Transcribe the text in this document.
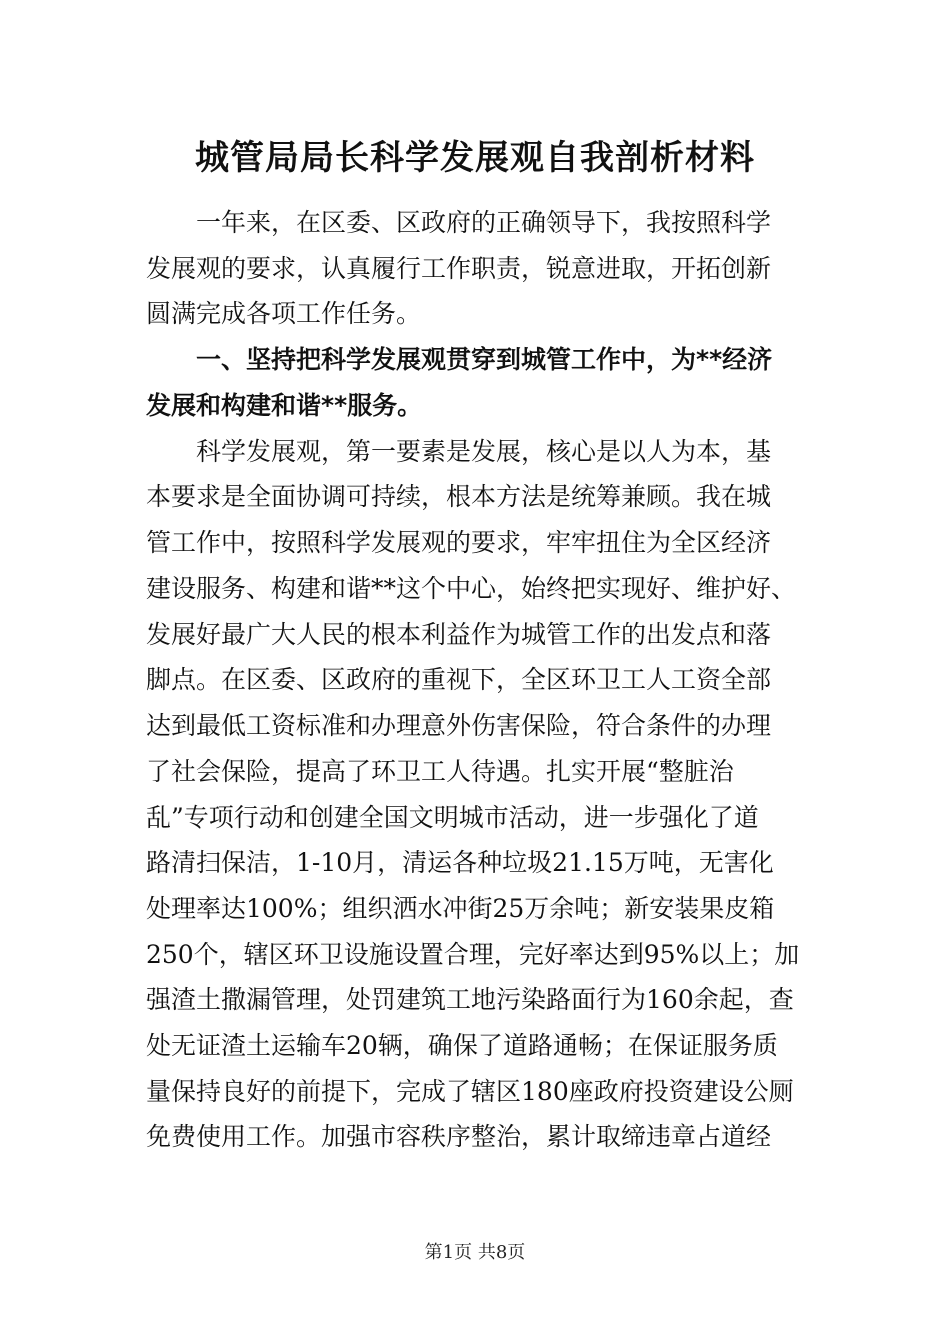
城管局局长科学发展观自我剖析材料
　　一年来，在区委、区政府的正确领导下，我按照科学
发展观的要求，认真履行工作职责，锐意进取，开拓创新
圆满完成各项工作任务。
　　一、坚持把科学发展观贯穿到城管工作中，为**经济
发展和构建和谐**服务。
　　科学发展观，第一要素是发展，核心是以人为本，基
本要求是全面协调可持续，根本方法是统筹兼顾。我在城
管工作中，按照科学发展观的要求，牢牢扭住为全区经济
建设服务、构建和谐**这个中心，始终把实现好、维护好、
发展好最广大人民的根本利益作为城管工作的出发点和落
脚点。在区委、区政府的重视下，全区环卫工人工资全部
达到最低工资标准和办理意外伤害保险，符合条件的办理
了社会保险，提高了环卫工人待遇。扎实开展“整脏治
乱”专项行动和创建全国文明城市活动，进一步强化了道
路清扫保洁，1-10月，清运各种垃圾21.15万吨，无害化
处理率达100%；组织洒水冲街25万余吨；新安装果皮箱
250个，辖区环卫设施设置合理，完好率达到95%以上；加
强渣土撒漏管理，处罚建筑工地污染路面行为160余起，查
处无证渣土运输车20辆，确保了道路通畅；在保证服务质
量保持良好的前提下，完成了辖区180座政府投资建设公厕
免费使用工作。加强市容秩序整治，累计取缔违章占道经
第1页 共8页
